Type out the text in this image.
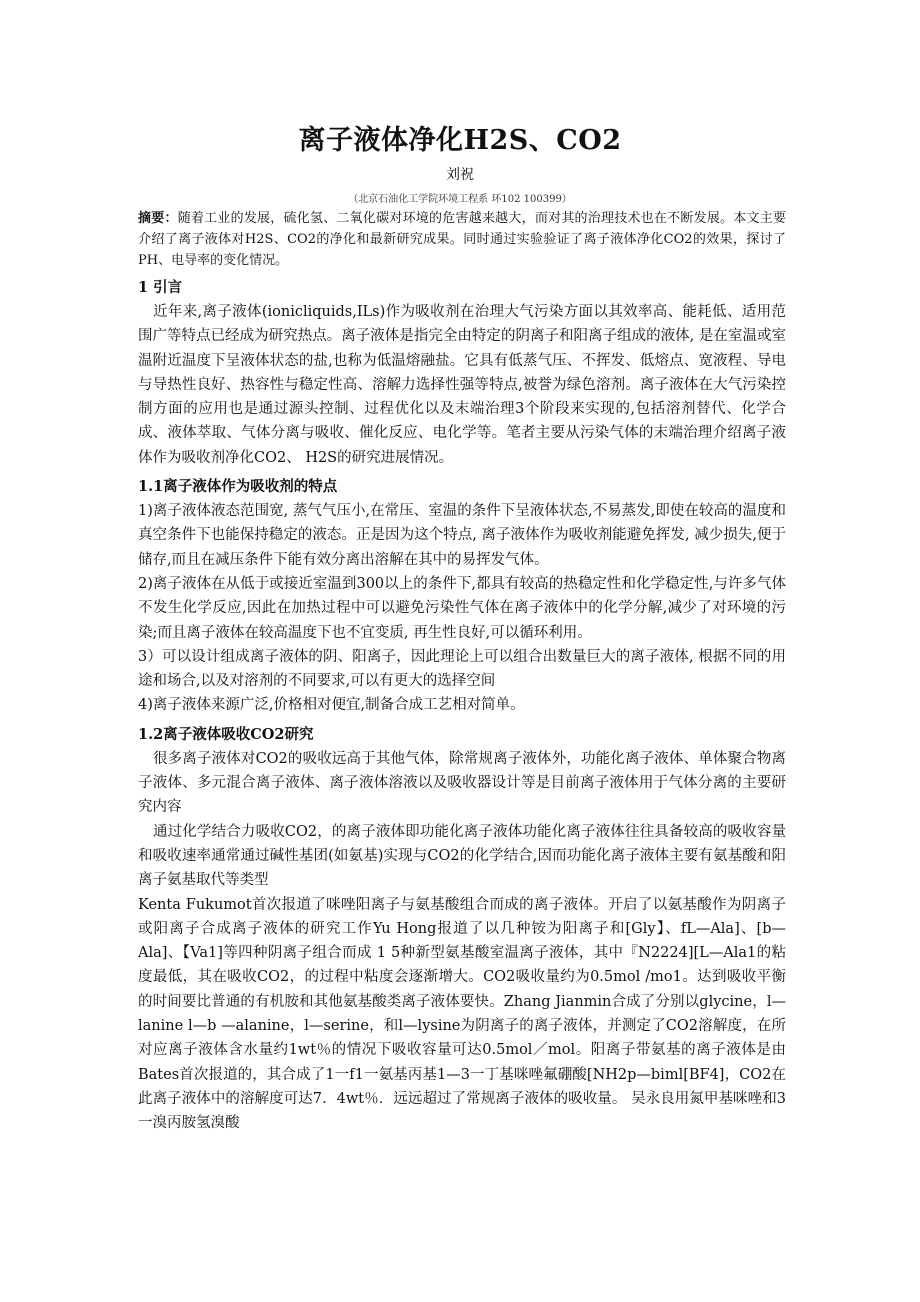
离子液体净化H2S、CO2
刘祝
（北京石油化工学院环境工程系 环102 100399）

摘要：随着工业的发展，硫化氢、二氧化碳对环境的危害越来越大，而对其的治理技术也在不断发展。本文主要介绍了离子液体对H2S、CO2的净化和最新研究成果。同时通过实验验证了离子液体净化CO2的效果，探讨了PH、电导率的变化情况。

1 引言

近年来,离子液体(ionicliquids,ILs)作为吸收剂在治理大气污染方面以其效率高、能耗低、适用范围广等特点已经成为研究热点。离子液体是指完全由特定的阴离子和阳离子组成的液体, 是在室温或室温附近温度下呈液体状态的盐,也称为低温熔融盐。它具有低蒸气压、不挥发、低熔点、宽液程、导电与导热性良好、热容性与稳定性高、溶解力选择性强等特点,被誉为绿色溶剂。离子液体在大气污染控制方面的应用也是通过源头控制、过程优化以及末端治理3个阶段来实现的,包括溶剂替代、化学合成、液体萃取、气体分离与吸收、催化反应、电化学等。笔者主要从污染气体的末端治理介绍离子液体作为吸收剂净化CO2、 H2S的研究进展情况。

1.1离子液体作为吸收剂的特点

1)离子液体液态范围宽, 蒸气气压小,在常压、室温的条件下呈液体状态,不易蒸发,即使在较高的温度和真空条件下也能保持稳定的液态。正是因为这个特点, 离子液体作为吸收剂能避免挥发, 减少损失,便于储存,而且在减压条件下能有效分离出溶解在其中的易挥发气体。

2)离子液体在从低于或接近室温到300以上的条件下,都具有较高的热稳定性和化学稳定性,与许多气体不发生化学反应,因此在加热过程中可以避免污染性气体在离子液体中的化学分解,减少了对环境的污染;而且离子液体在较高温度下也不宜变质, 再生性良好,可以循环利用。

3）可以设计组成离子液体的阴、阳离子，因此理论上可以组合出数量巨大的离子液体, 根据不同的用途和场合,以及对溶剂的不同要求,可以有更大的选择空间

4)离子液体来源广泛,价格相对便宜,制备合成工艺相对简单。

1.2离子液体吸收CO2研究

很多离子液体对CO2的吸收远高于其他气体，除常规离子液体外，功能化离子液体、单体聚合物离子液体、多元混合离子液体、离子液体溶液以及吸收器设计等是目前离子液体用于气体分离的主要研究内容

通过化学结合力吸收CO2，的离子液体即功能化离子液体功能化离子液体往往具备较高的吸收容量和吸收速率通常通过碱性基团(如氨基)实现与CO2的化学结合,因而功能化离子液体主要有氨基酸和阳离子氨基取代等类型

Kenta Fukumot首次报道了咪唑阳离子与氨基酸组合而成的离子液体。开启了以氨基酸作为阴离子或阳离子合成离子液体的研究工作Yu Hong报道了以几种铵为阳离子和[Gly】、fL—Ala]、[b—Ala]、【Va1]等四种阴离子组合而成 1 5种新型氨基酸室温离子液体，其中『N2224][L—Ala1的粘度最低，其在吸收CO2，的过程中粘度会逐渐增大。CO2吸收量约为0.5mol /mo1。达到吸收平衡的时间要比普通的有机胺和其他氨基酸类离子液体要快。Zhang Jianmin合成了分别以glycine，l—lanine l—b —alanine，l—serine，和l—lysine为阴离子的离子液体，并测定了CO2溶解度，在所对应离子液体含水量约1wt％的情况下吸收容量可达0.5mol／mol。阳离子带氨基的离子液体是由Bates首次报道的，其合成了1一f1一氨基丙基1—3一丁基咪唑氟硼酸[NH2p—biml[BF4]，CO2在此离子液体中的溶解度可达7．4wt％．远远超过了常规离子液体的吸收量。 吴永良用氮甲基咪唑和3一溴丙胺氢溴酸
